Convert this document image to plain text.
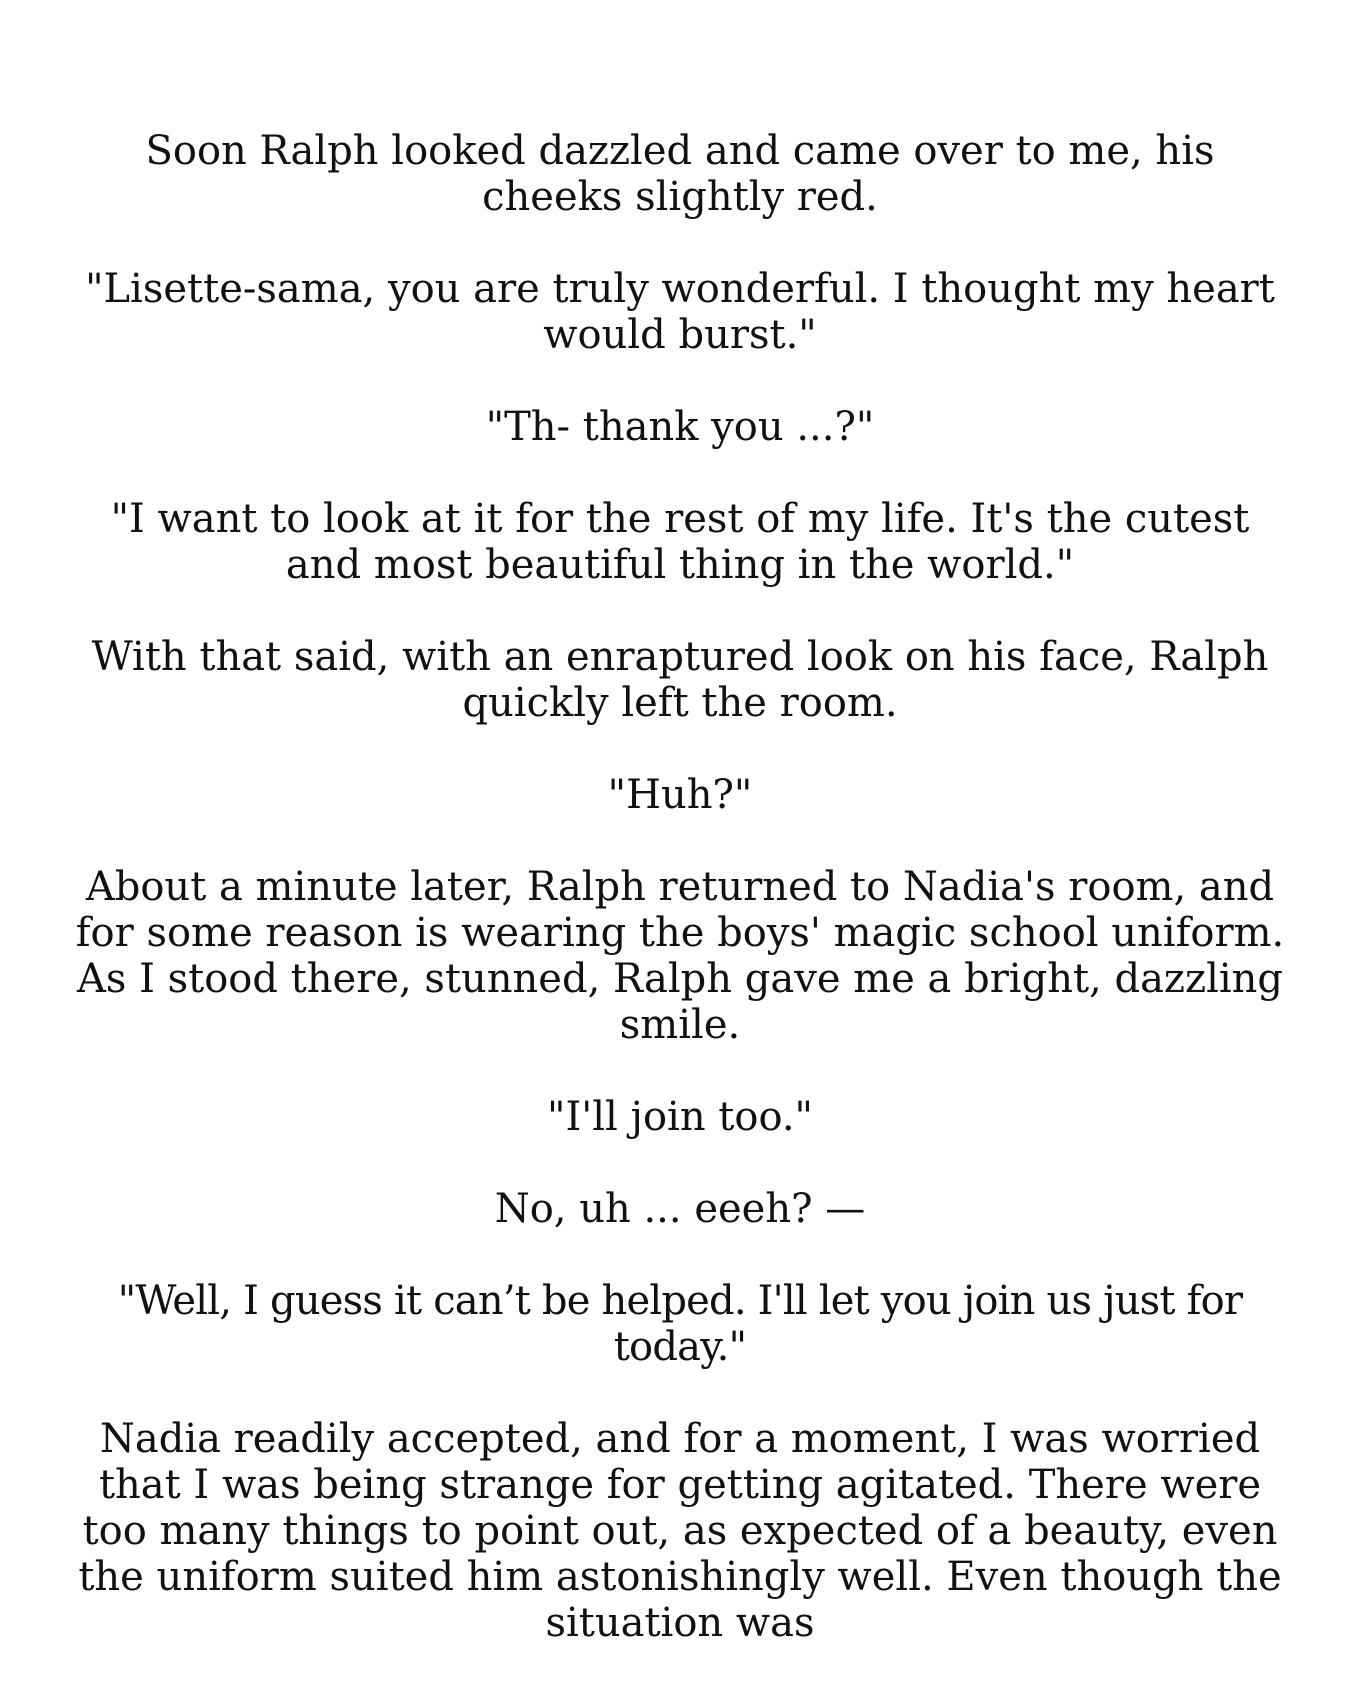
Soon Ralph looked dazzled and came over to me, his cheeks slightly red.

"Lisette-sama, you are truly wonderful. I thought my heart would burst."

"Th- thank you ...?"

"I want to look at it for the rest of my life. It's the cutest and most beautiful thing in the world."

With that said, with an enraptured look on his face, Ralph quickly left the room.

"Huh?"

About a minute later, Ralph returned to Nadia's room, and for some reason is wearing the boys' magic school uniform. As I stood there, stunned, Ralph gave me a bright, dazzling smile.

"I'll join too."

No, uh ... eeeh? —

"Well, I guess it can’t be helped. I'll let you join us just for today."

Nadia readily accepted, and for a moment, I was worried that I was being strange for getting agitated. There were too many things to point out, as expected of a beauty, even the uniform suited him astonishingly well. Even though the situation was
